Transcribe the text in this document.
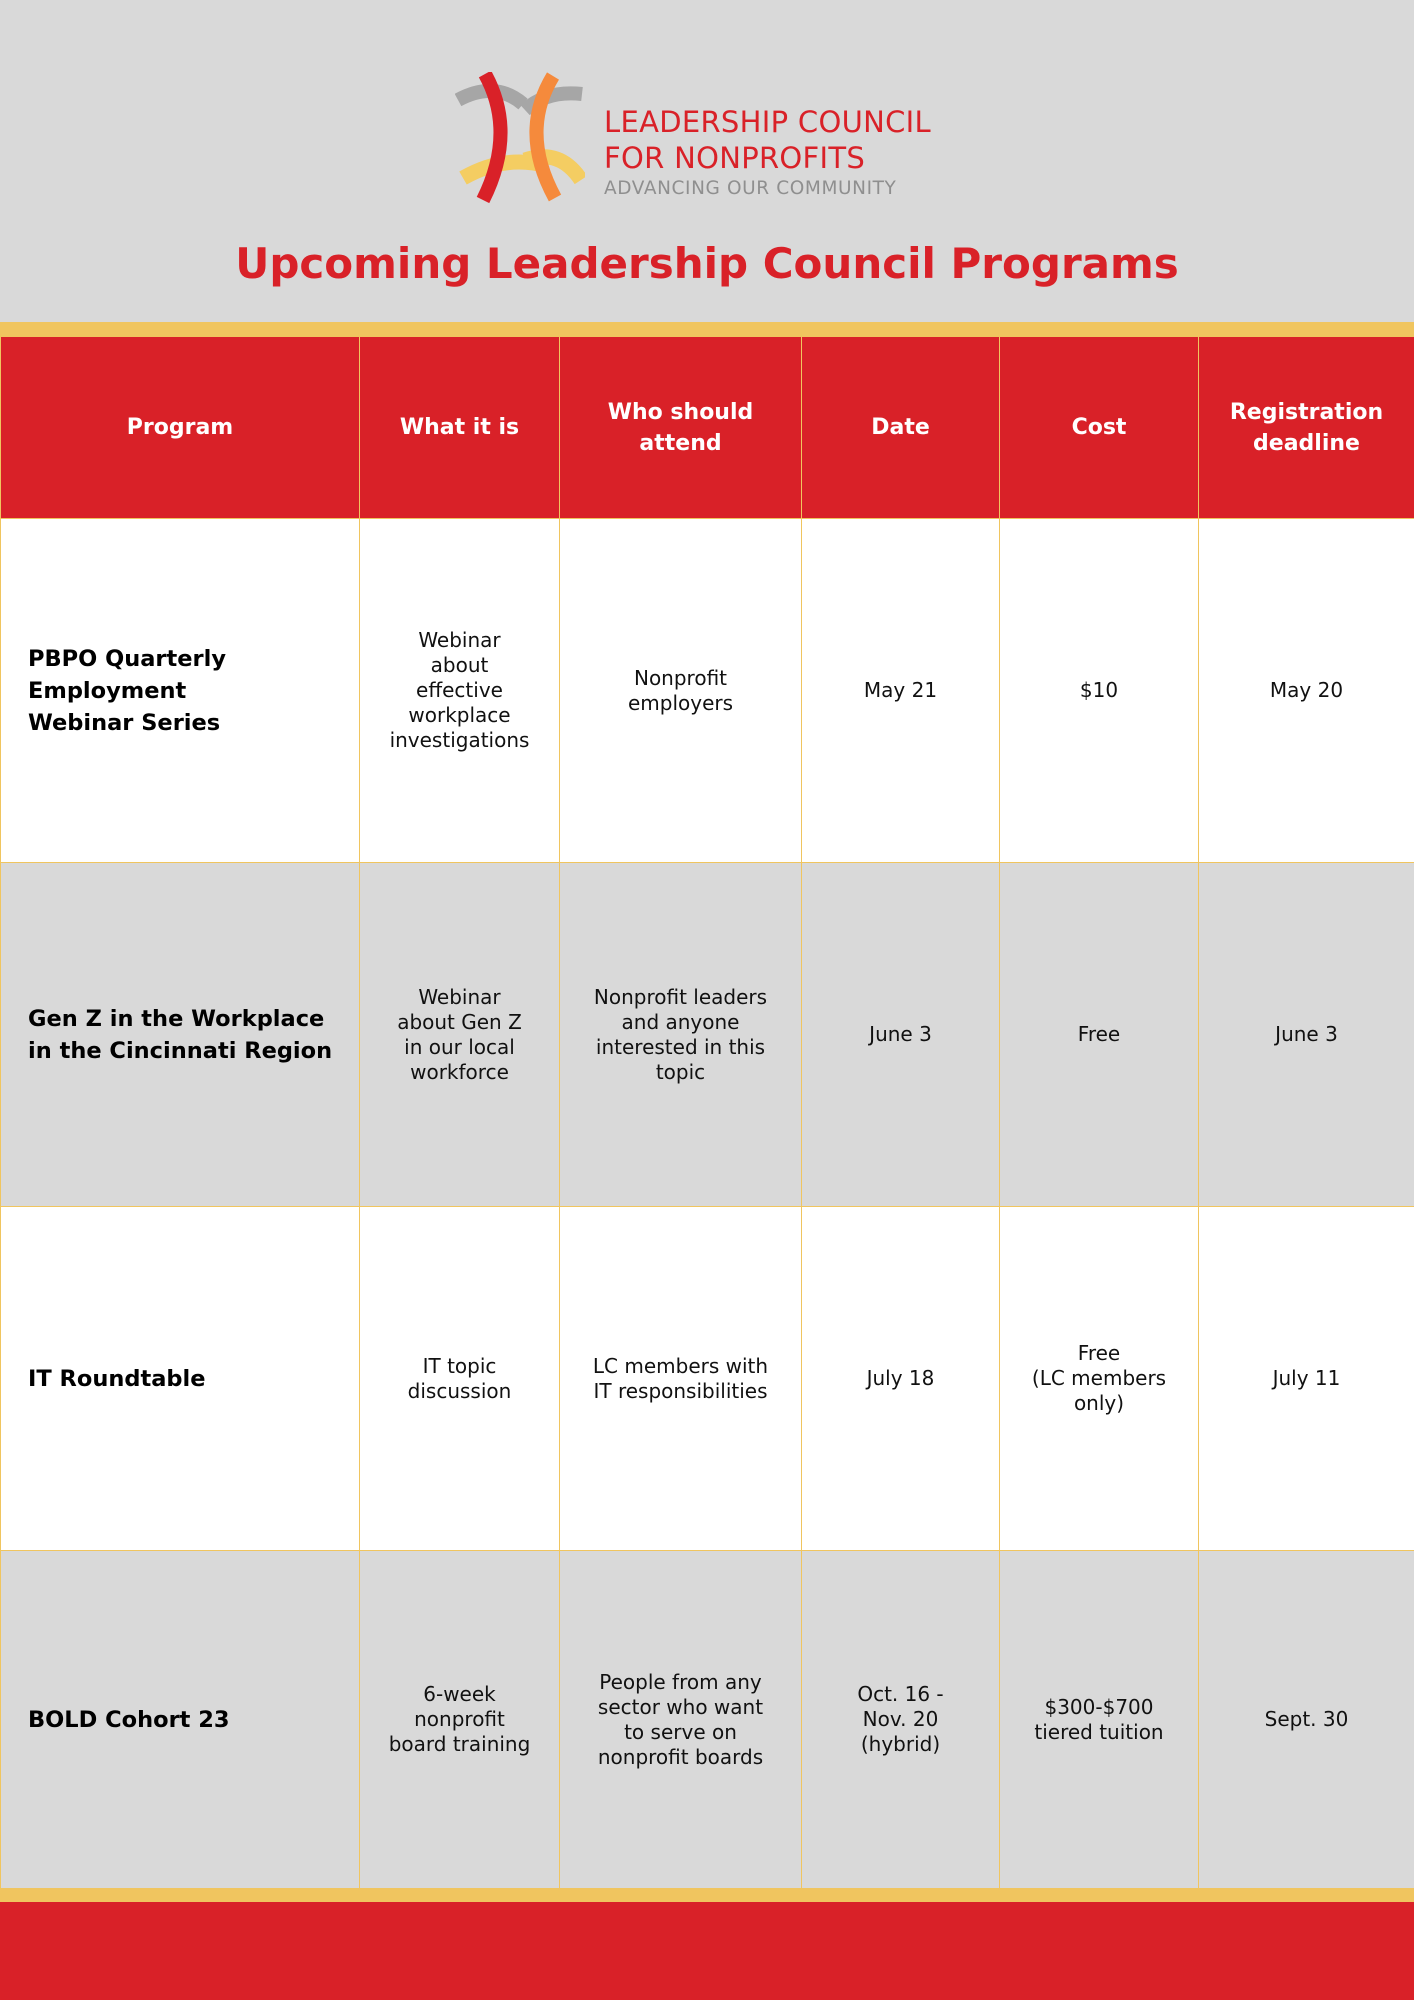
LEADERSHIP COUNCIL
FOR NONPROFITS
ADVANCING OUR COMMUNITY
Upcoming Leadership Council Programs
Program	What it is	Who should
attend	Date	Cost	Registration
deadline
PBPO Quarterly
Employment
Webinar Series	Webinar
about
effective
workplace
investigations	Nonprofit
employers	May 21	$10	May 20
Gen Z in the Workplace
in the Cincinnati Region	Webinar
about Gen Z
in our local
workforce	Nonprofit leaders
and anyone
interested in this
topic	June 3	Free	June 3
IT Roundtable	IT topic
discussion	LC members with
IT responsibilities	July 18	Free
(LC members
only)	July 11
BOLD Cohort 23	6-week
nonprofit
board training	People from any
sector who want
to serve on
nonprofit boards	Oct. 16 -
Nov. 20
(hybrid)	$300-$700
tiered tuition	Sept. 30
